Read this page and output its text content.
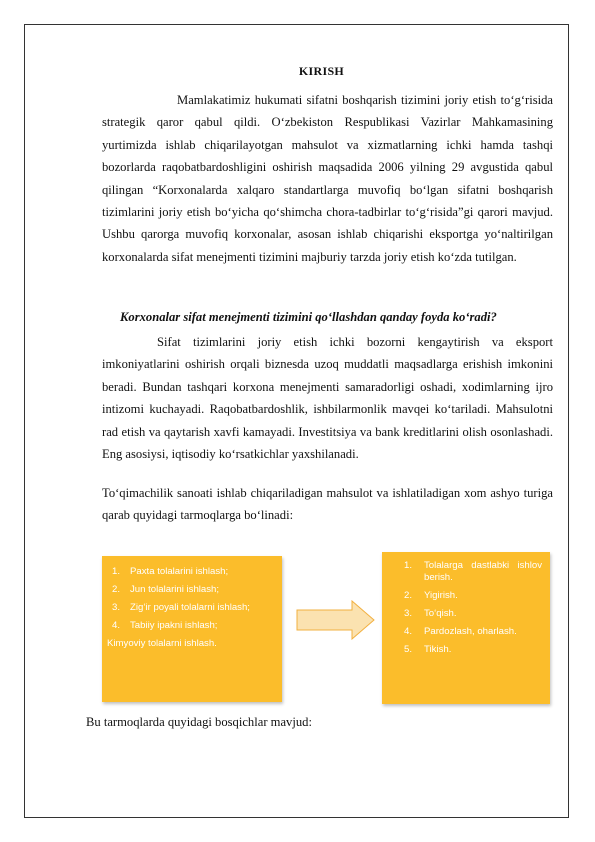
KIRISH

Mamlakatimiz hukumati sifatni boshqarish tizimini joriy etish to‘g‘risida strategik qaror qabul qildi. O‘zbekiston Respublikasi Vazirlar Mahkamasining yurtimizda ishlab chiqarilayotgan mahsulot va xizmatlarning ichki hamda tashqi bozorlarda raqobatbardoshligini oshirish maqsadida 2006 yilning 29 avgustida qabul qilingan “Korxonalarda xalqaro standartlarga muvofiq bo‘lgan sifatni boshqarish tizimlarini joriy etish bo‘yicha qo‘shimcha chora-tadbirlar to‘g‘risida”gi qarori mavjud. Ushbu qarorga muvofiq korxonalar, asosan ishlab chiqarishi eksportga yo‘naltirilgan korxonalarda sifat menejmenti tizimini majburiy tarzda joriy etish ko‘zda tutilgan.

Korxonalar sifat menejmenti tizimini qo‘llashdan qanday foyda ko‘radi?

Sifat tizimlarini joriy etish ichki bozorni kengaytirish va eksport imkoniyatlarini oshirish orqali biznesda uzoq muddatli maqsadlarga erishish imkonini beradi. Bundan tashqari korxona menejmenti samaradorligi oshadi, xodimlarning ijro intizomi kuchayadi. Raqobatbardoshlik, ishbilarmonlik mavqei ko‘tariladi. Mahsulotni rad etish va qaytarish xavfi kamayadi. Investitsiya va bank kreditlarini olish osonlashadi. Eng asosiysi, iqtisodiy ko‘rsatkichlar yaxshilanadi.

To‘qimachilik sanoati ishlab chiqariladigan mahsulot va ishlatiladigan xom ashyo turiga qarab quyidagi tarmoqlarga bo‘linadi:

1.	Paxta tolalarini ishlash;
2.	Jun tolalarini ishlash;
3.	Zig‘ir poyali tolalarni ishlash;
4.	Tabiiy ipakni ishlash;
Kimyoviy tolalarni ishlash.
1.	Tolalarga dastlabki ishlov berish.
2.	Yigirish.
3.	To‘qish.
4.	Pardozlash, oharlash.
5.	Tikish.
Bu tarmoqlarda quyidagi bosqichlar mavjud:
